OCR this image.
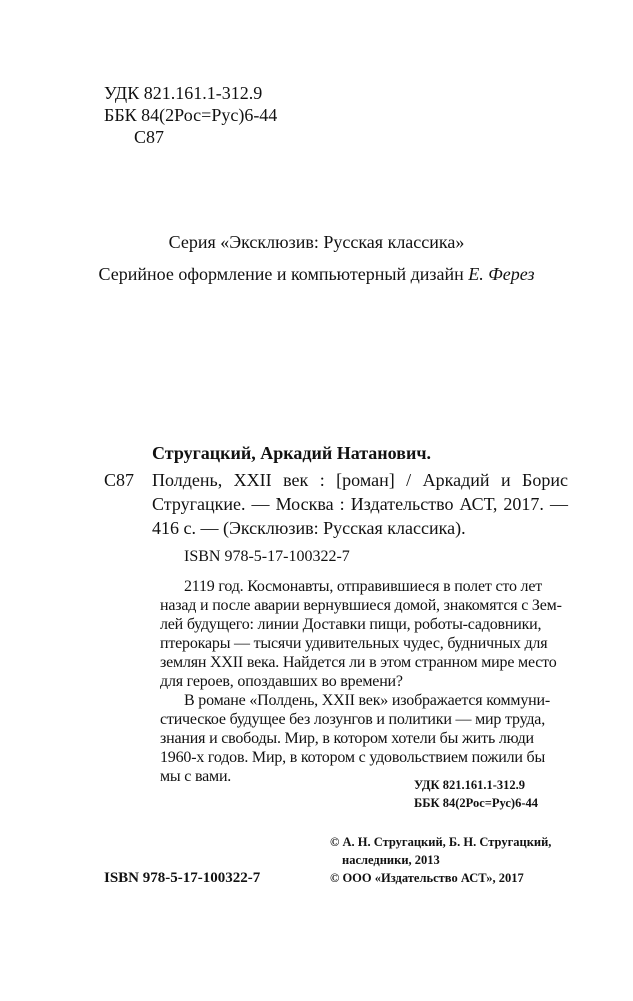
УДК 821.161.1-312.9
ББК 84(2Рос=Рус)6-44
С87
Серия «Эксклюзив: Русская классика»
Серийное оформление и компьютерный дизайн Е. Ферез
Стругацкий, Аркадий Натанович.
С87 Полдень, XXII век : [роман] / Аркадий и Борис
Стругацкие. — Москва : Издательство АСТ, 2017. —
416 с. — (Эксклюзив: Русская классика).
ISBN 978-5-17-100322-7
2119 год. Космонавты, отправившиеся в полет сто лет
назад и после аварии вернувшиеся домой, знакомятся с Зем-
лей будущего: линии Доставки пищи, роботы-садовники,
птерокары — тысячи удивительных чудес, будничных для
землян XXII века. Найдется ли в этом странном мире место
для героев, опоздавших во времени?
В романе «Полдень, XXII век» изображается коммуни-
стическое будущее без лозунгов и политики — мир труда,
знания и свободы. Мир, в котором хотели бы жить люди
1960-х годов. Мир, в котором с удовольствием пожили бы
мы с вами.	УДК 821.161.1-312.9
ББК 84(2Рос=Рус)6-44
ISBN 978-5-17-100322-7
© А. Н. Стругацкий, Б. Н. Стругацкий,
наследники, 2013
© ООО «Издательство АСТ», 2017
